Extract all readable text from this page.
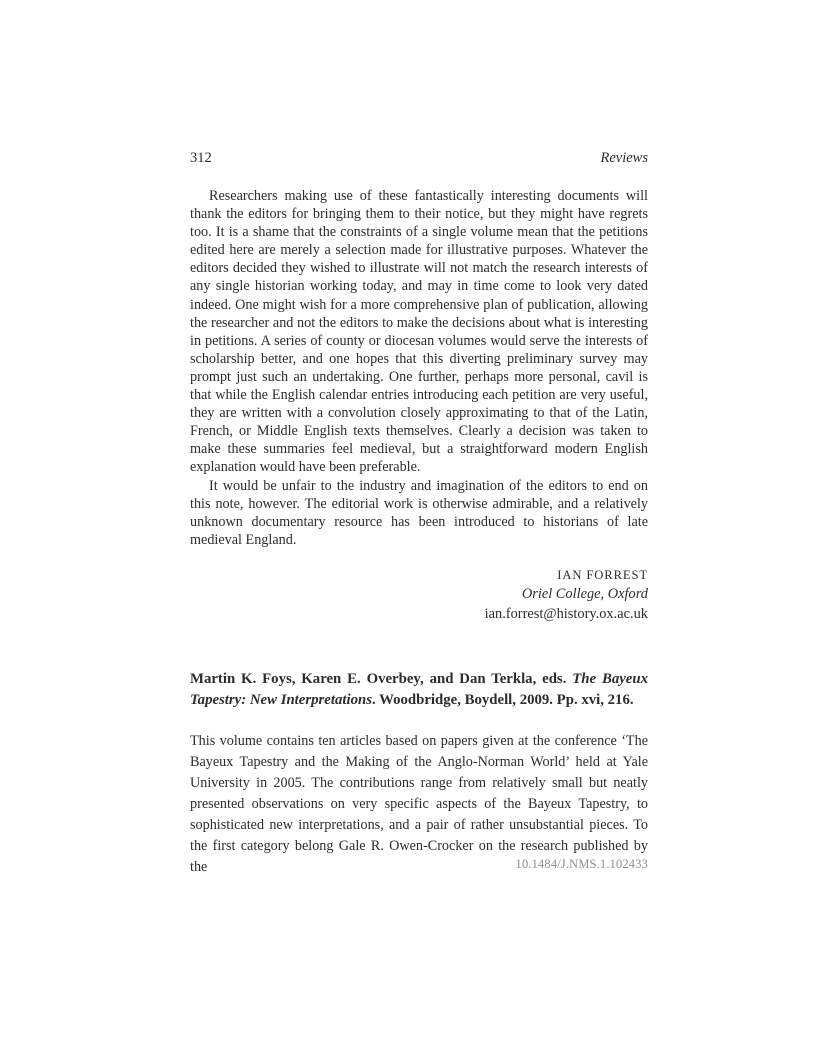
312	Reviews

Researchers making use of these fantastically interesting documents will thank the editors for bringing them to their notice, but they might have regrets too. It is a shame that the constraints of a single volume mean that the petitions edited here are merely a selection made for illustrative purposes. Whatever the editors decided they wished to illustrate will not match the research interests of any single historian working today, and may in time come to look very dated indeed. One might wish for a more comprehensive plan of publication, allowing the researcher and not the editors to make the decisions about what is interesting in petitions. A series of county or diocesan volumes would serve the interests of scholarship better, and one hopes that this diverting preliminary survey may prompt just such an undertaking. One further, perhaps more personal, cavil is that while the English calendar entries introducing each petition are very useful, they are written with a convolution closely approximating to that of the Latin, French, or Middle English texts themselves. Clearly a decision was taken to make these summaries feel medieval, but a straightforward modern English explanation would have been preferable.

It would be unfair to the industry and imagination of the editors to end on this note, however. The editorial work is otherwise admirable, and a relatively unknown documentary resource has been introduced to historians of late medieval England.

IAN FORREST
Oriel College, Oxford
ian.forrest@history.ox.ac.uk
Martin K. Foys, Karen E. Overbey, and Dan Terkla, eds. The Bayeux Tapestry: New Interpretations. Woodbridge, Boydell, 2009. Pp. xvi, 216.

This volume contains ten articles based on papers given at the conference ‘The Bayeux Tapestry and the Making of the Anglo-Norman World’ held at Yale University in 2005. The contributions range from relatively small but neatly presented observations on very specific aspects of the Bayeux Tapestry, to sophisticated new interpretations, and a pair of rather unsubstantial pieces. To the first category belong Gale R. Owen-Crocker on the research published by the	10.1484/J.NMS.1.102433
